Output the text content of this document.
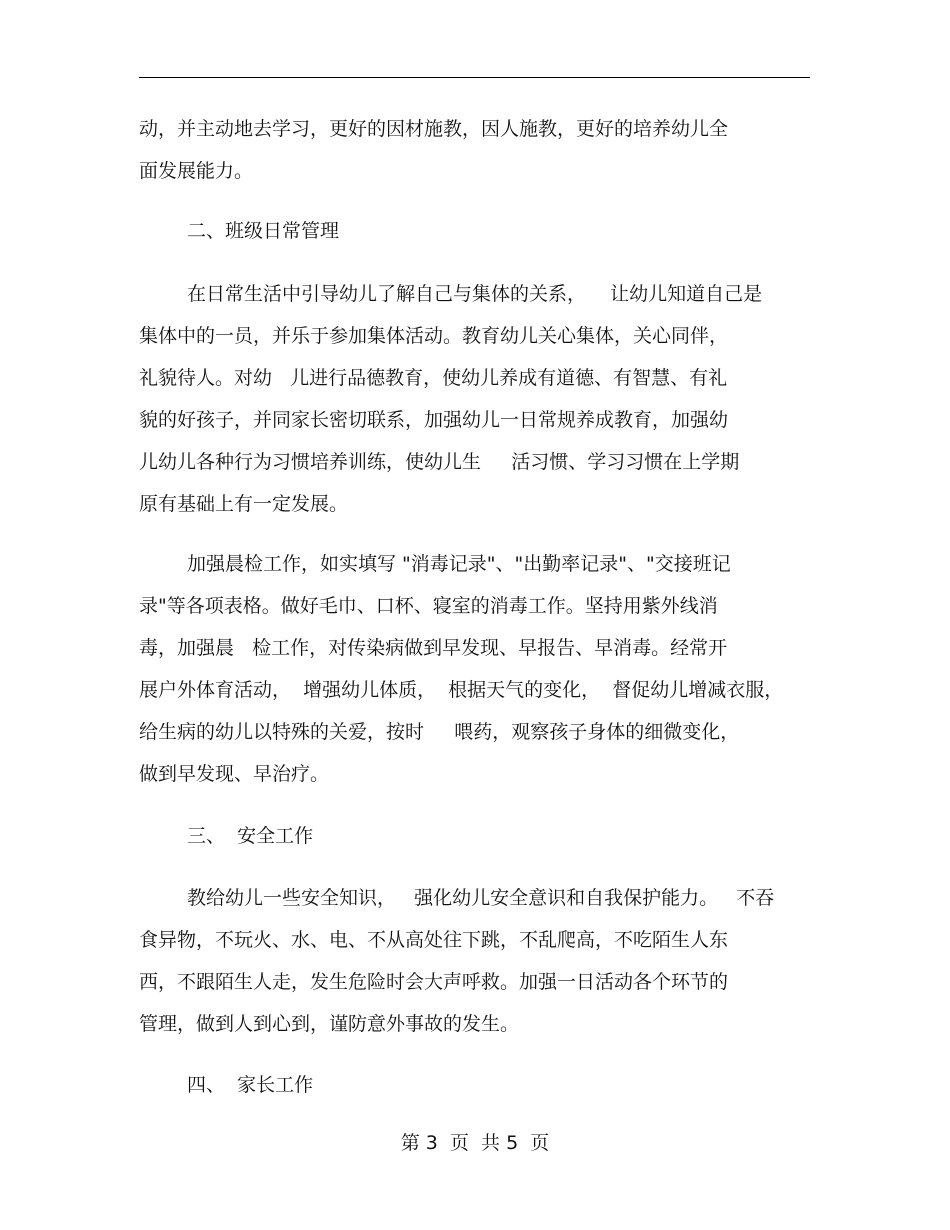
动，并主动地去学习，更好的因材施教，因人施教，更好的培养幼儿全
面发展能力。
二、班级日常管理
在日常生活中引导幼儿了解自己与集体的关系，    让幼儿知道自己是
集体中的一员，并乐于参加集体活动。教育幼儿关心集体，关心同伴，
礼貌待人。对幼   儿进行品德教育，使幼儿养成有道德、有智慧、有礼
貌的好孩子，并同家长密切联系，加强幼儿一日常规养成教育，加强幼
儿幼儿各种行为习惯培养训练，使幼儿生     活习惯、学习习惯在上学期
原有基础上有一定发展。
加强晨检工作，如实填写 "消毒记录"、"出勤率记录"、"交接班记
录"等各项表格。做好毛巾、口杯、寝室的消毒工作。坚持用紫外线消
毒，加强晨   检工作，对传染病做到早发现、早报告、早消毒。经常开
展户外体育活动，  增强幼儿体质，  根据天气的变化，  督促幼儿增减衣服，
给生病的幼儿以特殊的关爱，按时     喂药，观察孩子身体的细微变化，
做到早发现、早治疗。
三、  安全工作
教给幼儿一些安全知识，   强化幼儿安全意识和自我保护能力。   不吞
食异物，不玩火、水、电、不从高处往下跳，不乱爬高，不吃陌生人东
西，不跟陌生人走，发生危险时会大声呼救。加强一日活动各个环节的
管理，做到人到心到，谨防意外事故的发生。
四、  家长工作
第 3  页  共 5  页
